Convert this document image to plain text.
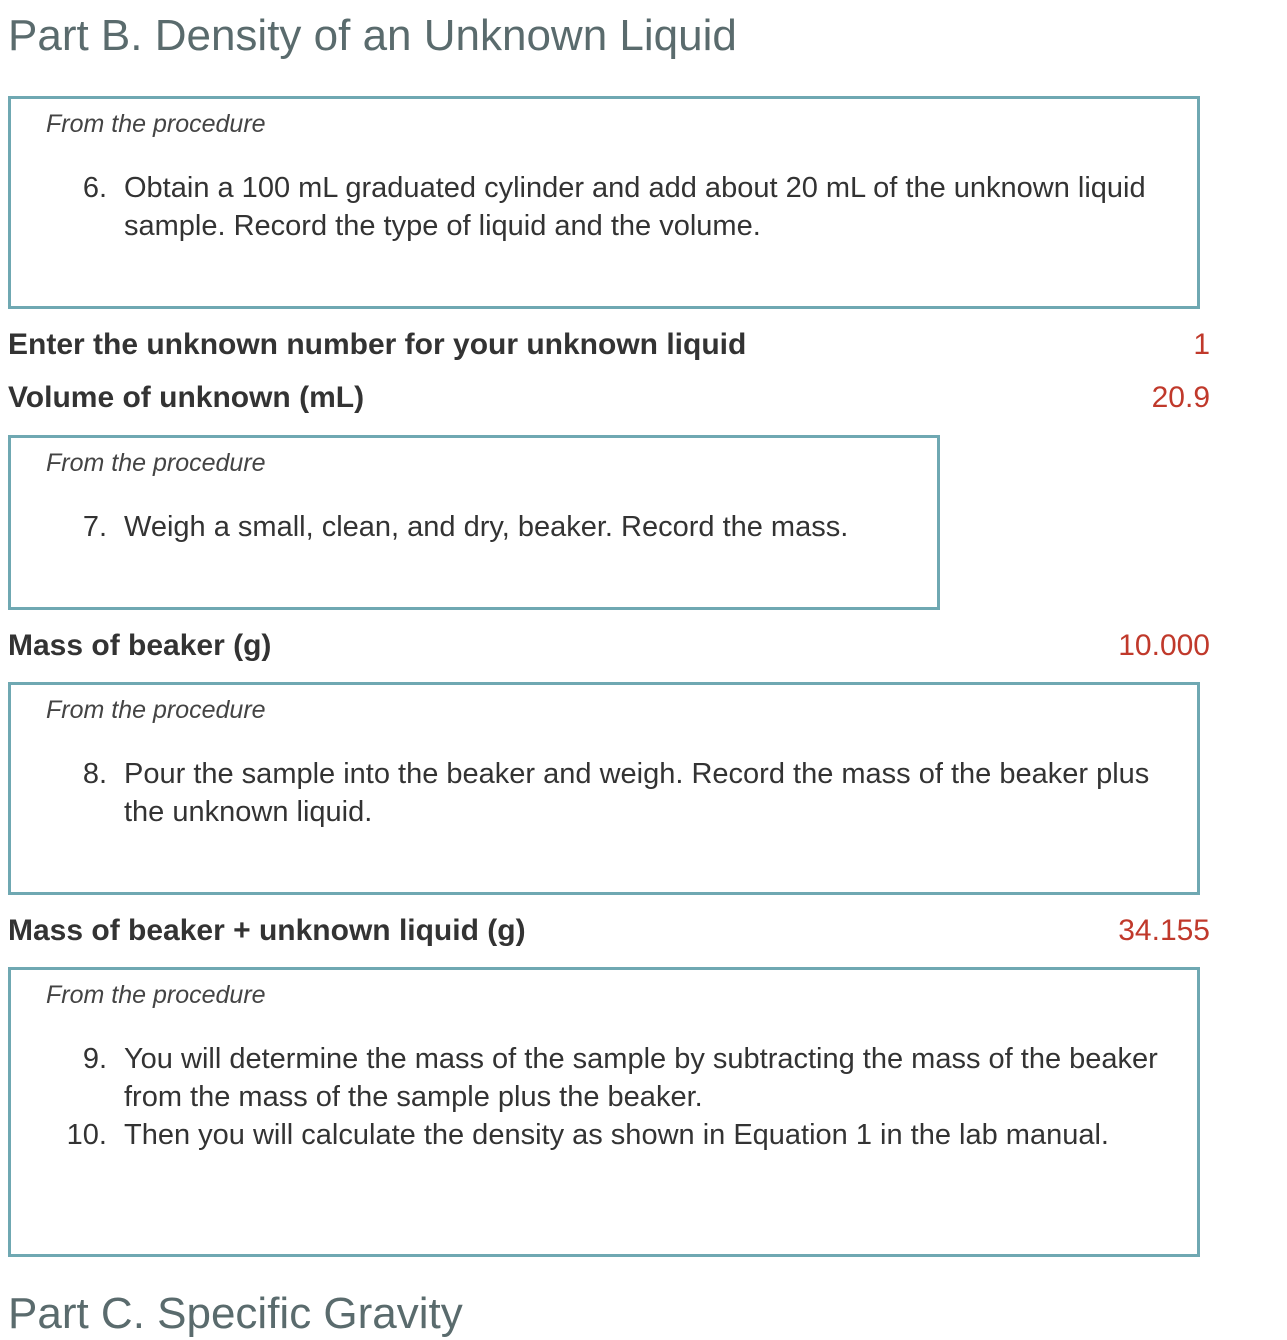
Part B. Density of an Unknown Liquid
From the procedure
6. Obtain a 100 mL graduated cylinder and add about 20 mL of the unknown liquid sample. Record the type of liquid and the volume.
Enter the unknown number for your unknown liquid	1
Volume of unknown (mL)	20.9
From the procedure
7. Weigh a small, clean, and dry, beaker. Record the mass.
Mass of beaker (g)	10.000
From the procedure
8. Pour the sample into the beaker and weigh. Record the mass of the beaker plus the unknown liquid.
Mass of beaker + unknown liquid (g)	34.155
From the procedure
9. You will determine the mass of the sample by subtracting the mass of the beaker from the mass of the sample plus the beaker.
10. Then you will calculate the density as shown in Equation 1 in the lab manual.
Part C. Specific Gravity
